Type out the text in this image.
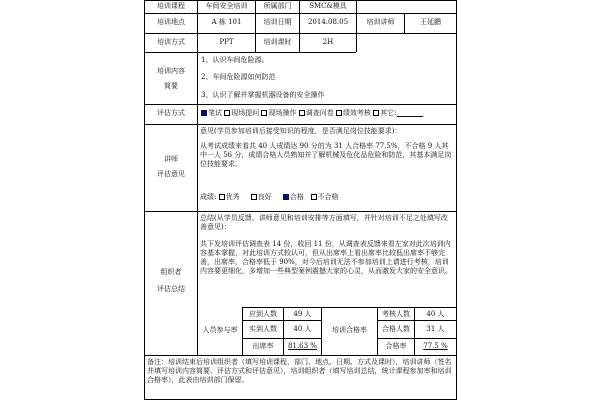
培训课程	车间安全培训	所属部门	SMC&模具
培训地点	A 栋 101	培训日期	2014.08.05	培训讲师	王延鹏
培训方式	PPT	培训课时	2H
培训内容
简要
1、认识车间危险源。
2、车间危险源如何防范
3、认识了解并掌握机器设备的安全操作
评估方式	笔试 现场提问 现场操作 调查问卷 绩效考核 其它:
讲师
评估意见
意见(学员参加培训后接受知识的程度，是否满足岗位技能要求)：
从考试成绩来看共 40 人成绩达 90 分的为 31 人合格率 77.5%，不合格 9 人其中一人 56 分，成绩合格人员熟知并了解机械及危化品危险和防范，其基本满足岗位技能要求。
成绩: 优秀	良好	合格 不合格
组织者
评估总结
总结(从学员反馈、讲师意见和培训安排等方面填写，并针对培训不足之处填写改善意见)：
共下发培训评估调查表 14 份，收回 11 份，从调查表反馈来看左家对此次培训内容基本掌握，对此培训方式较认可，但从出席率上看出席率比较低出席率不够完善，出席率，合格率低于 90%，对今后培训无法不参加培训上请进行考核，培训内容要更细化，多增加一些典型案例震撼大家的心灵，从而激发大家的安全意识。
人员参与率
应到人数	49 人
实到人数	40 人
出席率	81.63 %
培训合格率
考核人数	40 人
合格人数	31 人
合格率	77.5 %
备注：培训结束后培训组织者（填写培训课程、部门、地点、日期、方式及课时），培训讲师（签名并填写培训内容简要、评估方式和评估意见），培训组织者（填写培训总结，统计课程参加率和培训合格率），此表由培训部门保留。
